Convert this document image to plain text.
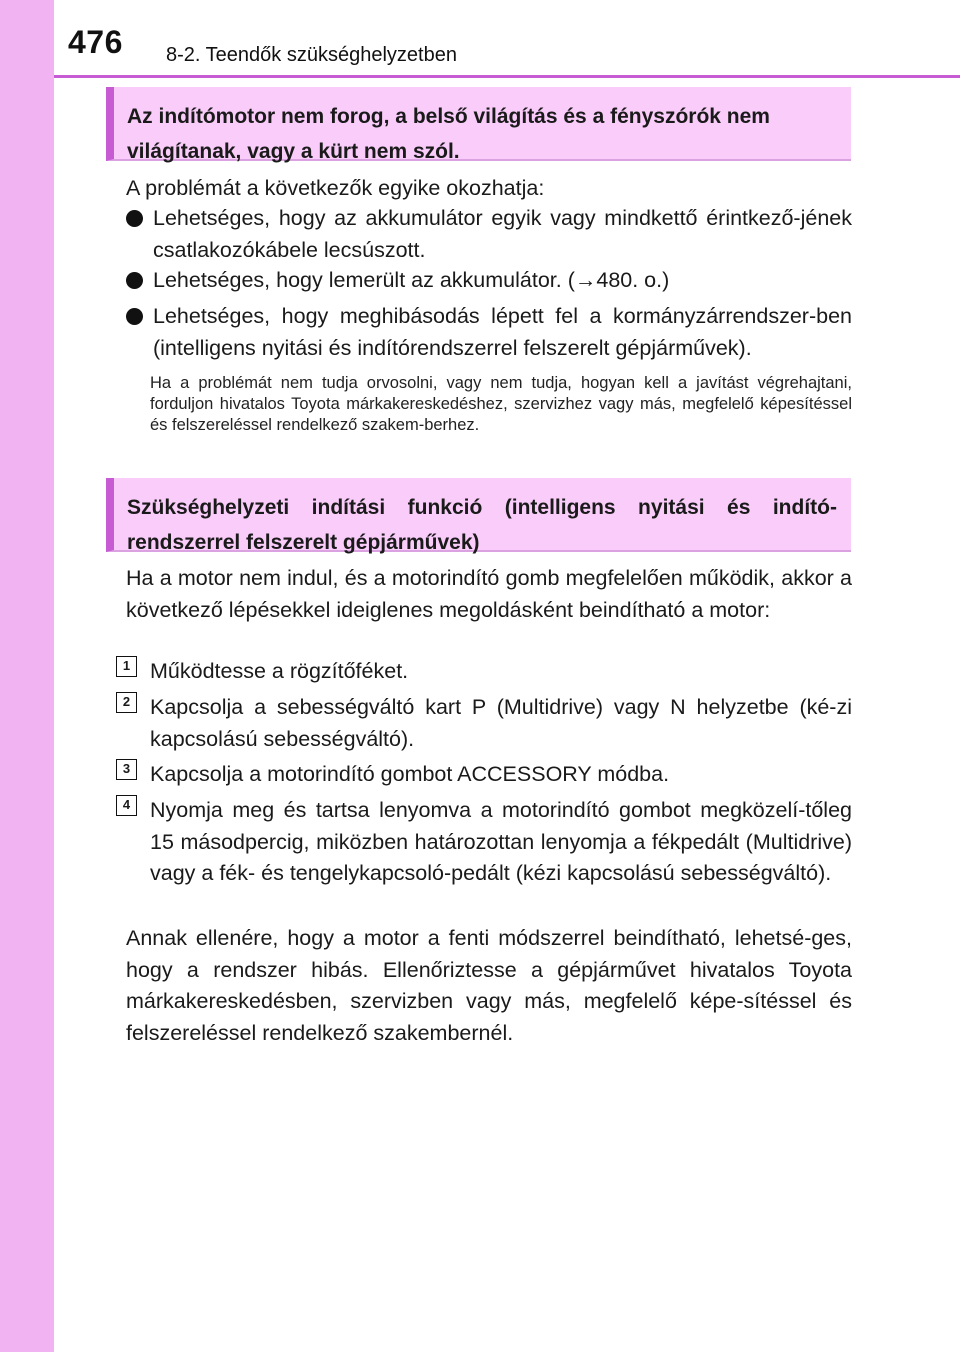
476 8-2. Teendők szükséghelyzetben
Az indítómotor nem forog, a belső világítás és a fényszórók nem világítanak, vagy a kürt nem szól.
A problémát a következők egyike okozhatja:
Lehetséges, hogy az akkumulátor egyik vagy mindkettő érintkező-jének csatlakozókábele lecsúszott.
Lehetséges, hogy lemerült az akkumulátor. (→480. o.)
Lehetséges, hogy meghibásodás lépett fel a kormányzárrendszer-ben (intelligens nyitási és indítórendszerrel felszerelt gépjárművek).
Ha a problémát nem tudja orvosolni, vagy nem tudja, hogyan kell a javítást végrehajtani, forduljon hivatalos Toyota márkakereskedéshez, szervizhez vagy más, megfelelő képesítéssel és felszereléssel rendelkező szakem-berhez.
Szükséghelyzeti indítási funkció (intelligens nyitási és indító-rendszerrel felszerelt gépjárművek)
Ha a motor nem indul, és a motorindító gomb megfelelően működik, akkor a következő lépésekkel ideiglenes megoldásként beindítható a motor:
1 Működtesse a rögzítőféket.
2 Kapcsolja a sebességváltó kart P (Multidrive) vagy N helyzetbe (ké-zi kapcsolású sebességváltó).
3 Kapcsolja a motorindító gombot ACCESSORY módba.
4 Nyomja meg és tartsa lenyomva a motorindító gombot megközelí-tőleg 15 másodpercig, miközben határozottan lenyomja a fékpedált (Multidrive) vagy a fék- és tengelykapcsoló-pedált (kézi kapcsolású sebességváltó).
Annak ellenére, hogy a motor a fenti módszerrel beindítható, lehetsé-ges, hogy a rendszer hibás. Ellenőriztesse a gépjárművet hivatalos Toyota márkakereskedésben, szervizben vagy más, megfelelő képe-sítéssel és felszereléssel rendelkező szakembernél.
